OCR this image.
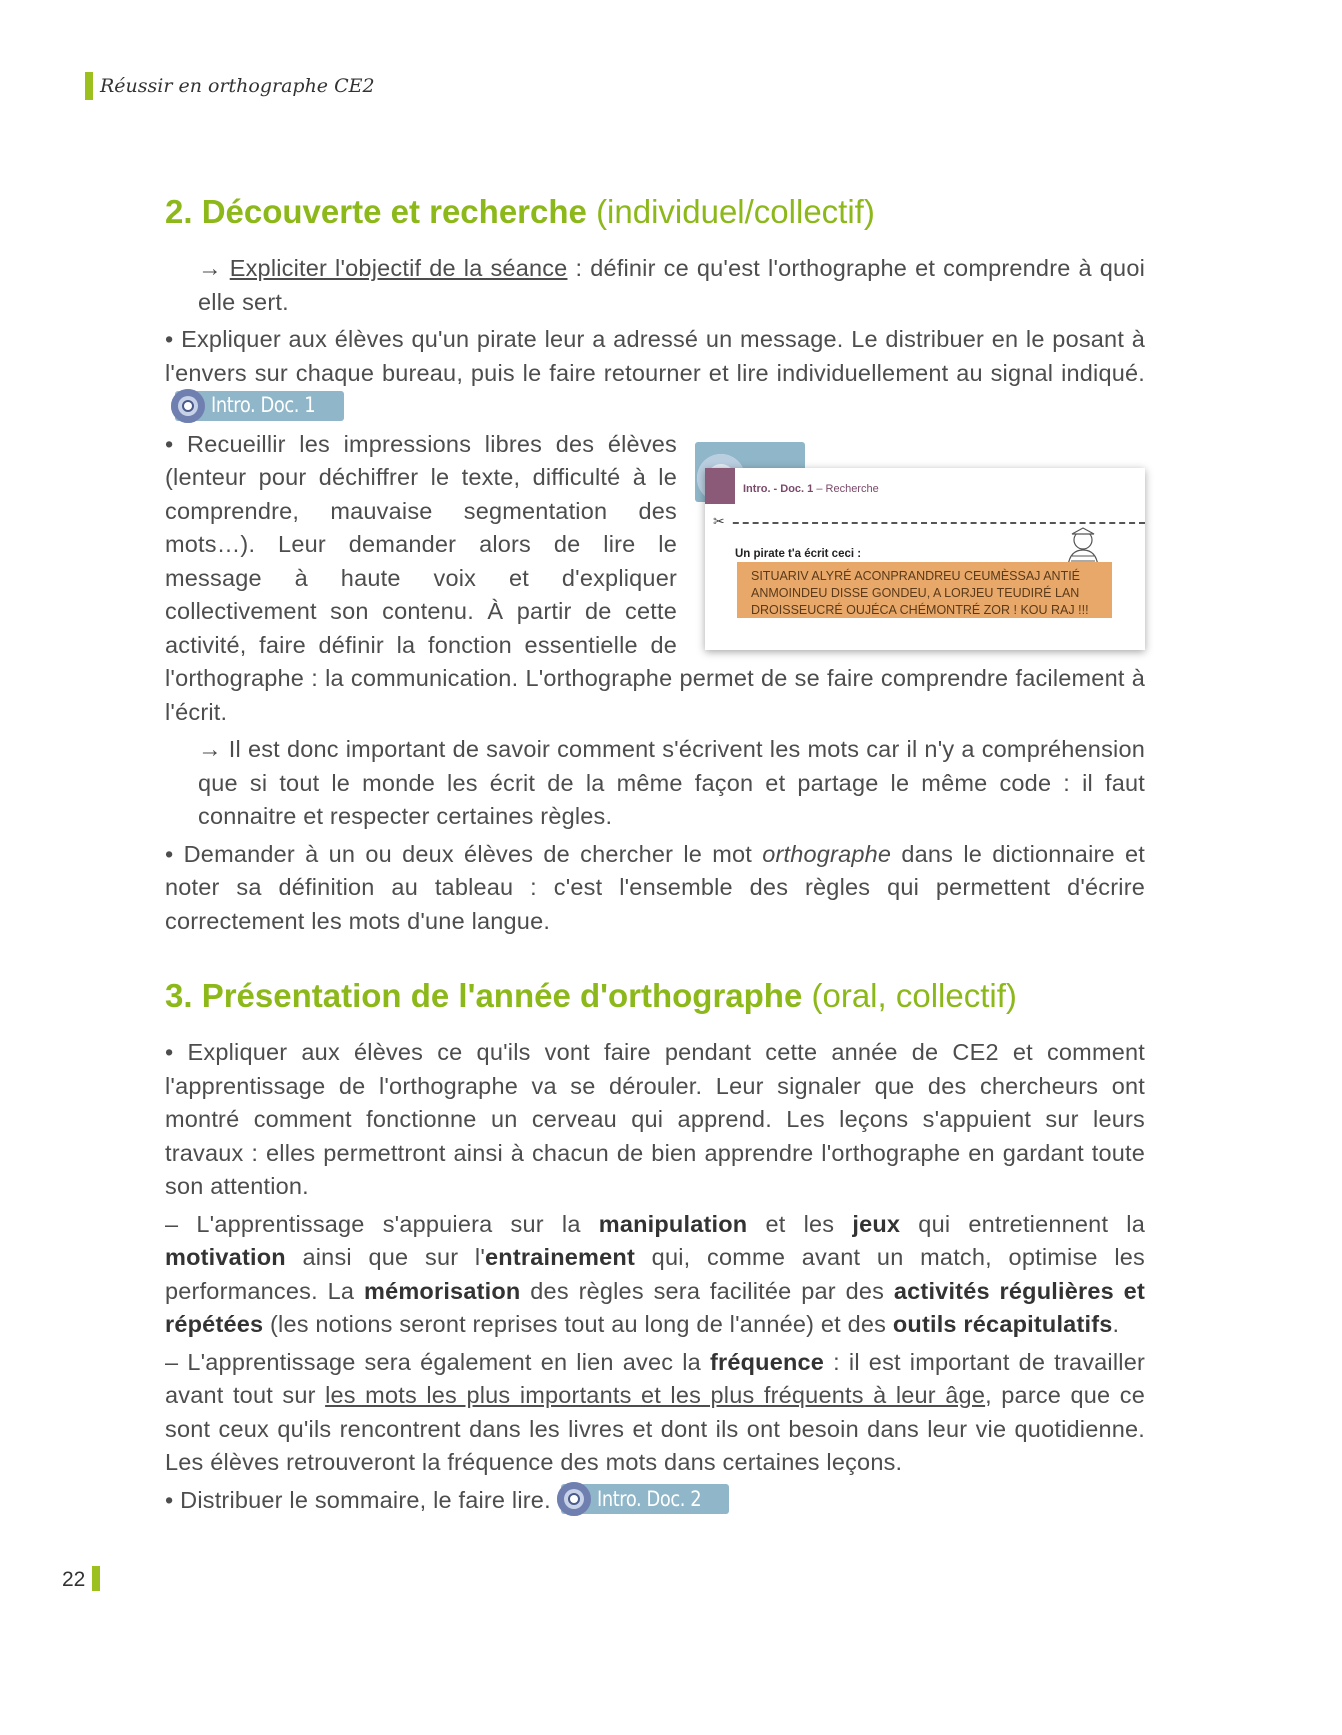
Réussir en orthographe CE2
2. Découverte et recherche (individuel/collectif)

→ Expliciter l'objectif de la séance : définir ce qu'est l'orthographe et comprendre à quoi elle sert.

• Expliquer aux élèves qu'un pirate leur a adressé un message. Le distribuer en le posant à l'envers sur chaque bureau, puis le faire retourner et lire individuellement au signal indiqué.
Intro. Doc. 1

Intro. - Doc. 1 – Recherche
✂
Un pirate t'a écrit ceci :
SITUARIV ALYRÉ ACONPRANDREU CEUMÈSSAJ ANTIÉ ANMOINDEU DISSE GONDEU, A LORJEU TEUDIRÉ LAN DROISSEUCRÉ OUJÉCA CHÉMONTRÉ ZOR ! KOU RAJ !!!

• Recueillir les impressions libres des élèves (lenteur pour déchiffrer le texte, difficulté à le comprendre, mauvaise segmentation des mots…). Leur demander alors de lire le message à haute voix et d'expliquer collectivement son contenu. À partir de cette activité, faire définir la fonction essentielle de l'orthographe : la communication. L'orthographe permet de se faire comprendre facilement à l'écrit.

→ Il est donc important de savoir comment s'écrivent les mots car il n'y a compréhension que si tout le monde les écrit de la même façon et partage le même code : il faut connaitre et respecter certaines règles.

• Demander à un ou deux élèves de chercher le mot orthographe dans le dictionnaire et noter sa définition au tableau : c'est l'ensemble des règles qui permettent d'écrire correctement les mots d'une langue.

3. Présentation de l'année d'orthographe (oral, collectif)

• Expliquer aux élèves ce qu'ils vont faire pendant cette année de CE2 et comment l'apprentissage de l'orthographe va se dérouler. Leur signaler que des chercheurs ont montré comment fonctionne un cerveau qui apprend. Les leçons s'appuient sur leurs travaux : elles permettront ainsi à chacun de bien apprendre l'orthographe en gardant toute son attention.

– L'apprentissage s'appuiera sur la manipulation et les jeux qui entretiennent la motivation ainsi que sur l'entrainement qui, comme avant un match, optimise les performances. La mémorisation des règles sera facilitée par des activités régulières et répétées (les notions seront reprises tout au long de l'année) et des outils récapitulatifs.

– L'apprentissage sera également en lien avec la fréquence : il est important de travailler avant tout sur les mots les plus importants et les plus fréquents à leur âge, parce que ce sont ceux qu'ils rencontrent dans les livres et dont ils ont besoin dans leur vie quotidienne. Les élèves retrouveront la fréquence des mots dans certaines leçons.

• Distribuer le sommaire, le faire lire. Intro. Doc. 2

22
